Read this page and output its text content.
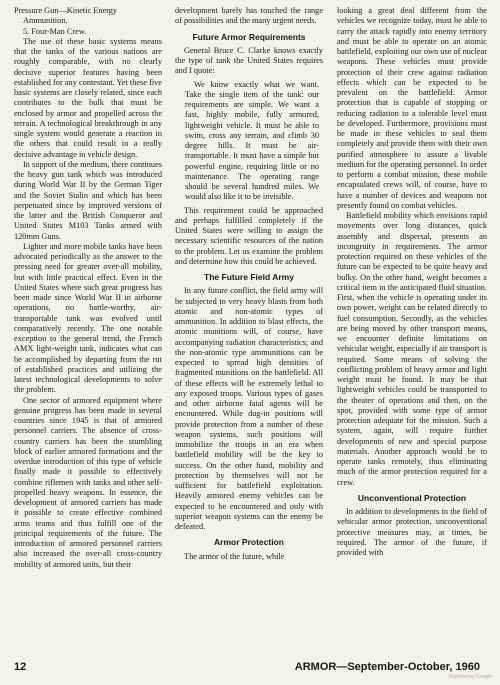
Pressure Gun—Kinetic Energy

Ammunition.

5. Four-Man Crew.

The use of these basic systems means that the tanks of the various nations are roughly comparable, with no clearly decisive superior features having been established for any contestant. Yet these five basic systems are closely related, since each contributes to the bulk that must be enclosed by armor and propelled across the terrain. A technological breakthrough in any single system would generate a reaction in the others that could result in a really decisive advantage in vehicle design.

In support of the medium, there continues the heavy gun tank which was introduced during World War II by the German Tiger and the Soviet Stalin and which has been perpetuated since by improved versions of the latter and the British Conqueror and United States M103 Tanks armed with 120mm Guns.

Lighter and more mobile tanks have been advocated periodically as the answer to the pressing need for greater over-all mobility, but with little practical effect. Even in the United States where such great progress has been made since World War II in airborne operations, no battle-worthy, air-transportable tank was evolved until comparatively recently. The one notable exception to the general trend, the French AMX light-weight tank, indicates what can be accomplished by departing from the rut of established practices and utilizing the latest technological developments to solve the problem.

One sector of armored equipment where genuine progress has been made in several countries since 1945 is that of armored personnel carriers. The absence of cross-country carriers has been the stumbling block of earlier armored formations and the overdue introduction of this type of vehicle finally made it possible to effectively combine riflemen with tanks and other self-propelled heavy weapons. In essence, the development of armored carriers has made it possible to create effective combined arms teams and thus fulfill one of the principal requirements of the future. The introduction of armored personnel carriers also increased the over-all cross-country mobility of armored units, but their

development barely has touched the range of possibilities and the many urgent needs.

Future Armor Requirements

General Bruce C. Clarke knows exactly the type of tank the United States requires and I quote:

We know exactly what we want. Take the single item of the tank: our requirements are simple. We want a fast, highly mobile, fully armored, lightweight vehicle. It must be able to swim, cross any terrain, and climb 30 degree hills. It must be air-transportable. It must have a simple but powerful engine, requiring little or no maintenance. The operating range should be several hundred miles. We would also like it to be invisible.

This requirement could be approached and perhaps fulfilled completely if the United States were willing to assign the necessary scientific resources of the nation to the problem. Let us examine the problem and determine how this could be achieved.

The Future Field Army

In any future conflict, the field army will be subjected to very heavy blasts from both atomic and non-atomic types of ammunition. In addition to blast effects, the atomic munitions will, of course, have accompanying radiation characteristics; and the non-atomic type ammunitions can be expected to spread high densities of fragmented munitions on the battlefield. All of these effects will be extremely lethal to any exposed troops. Various types of gases and other airborne fatal agents will be encountered. While dug-in positions will provide protection from a number of these weapon systems, such positions will immobilize the troops in an era when battlefield mobility will be the key to success. On the other hand, mobility and protection by themselves will not be sufficient for battlefield exploitation. Heavily armored enemy vehicles can be expected to be encountered and only with superior weapon systems can the enemy be defeated.

Armor Protection

The armor of the future, while

looking a great deal different from the vehicles we recognize today, must be able to carry the attack rapidly into enemy territory and must be able to operate on an atomic battlefield, exploiting our own use of nuclear weapons. These vehicles must provide protection of their crew against radiation effects which can be expected to be prevalent on the battlefield. Armor protection that is capable of stopping or reducing radiation to a tolerable level must be developed. Furthermore, provisions must be made in these vehicles to seal them completely and provide them with their own purified atmosphere to assure a livable medium for the operating personnel. In order to perform a combat mission, these mobile encapsulated crews will, of course, have to have a number of devices and weapons not presently found on combat vehicles.

Battlefield mobility which envisions rapid movements over long distances, quick assembly and dispersal, presents an incongruity in requirements. The armor protection required on these vehicles of the future can be expected to be quite heavy and bulky. On the other hand, weight becomes a critical item in the anticipated fluid situation. First, when the vehicle is operating under its own power, weight can be related directly to fuel consumption. Secondly, as the vehicles are being moved by other transport means, we encounter definite limitations on vehicular weight, especially if air transport is required. Some means of solving the conflicting problem of heavy armor and light weight must be found. It may be that lightweight vehicles could be transported to the theater of operations and then, on the spot, provided with some type of armor protection adequate for the mission. Such a system, again, will require further developments of new and special purpose materials. Another approach would be to operate tanks remotely, thus eliminating much of the armor protection required for a crew.

Unconventional Protection

In addition to developments in the field of vehicular armor protection, unconventional protective measures may, at times, be required. The armor of the future, if provided with

12	ARMOR—September-October, 1960
Digitized by Google
